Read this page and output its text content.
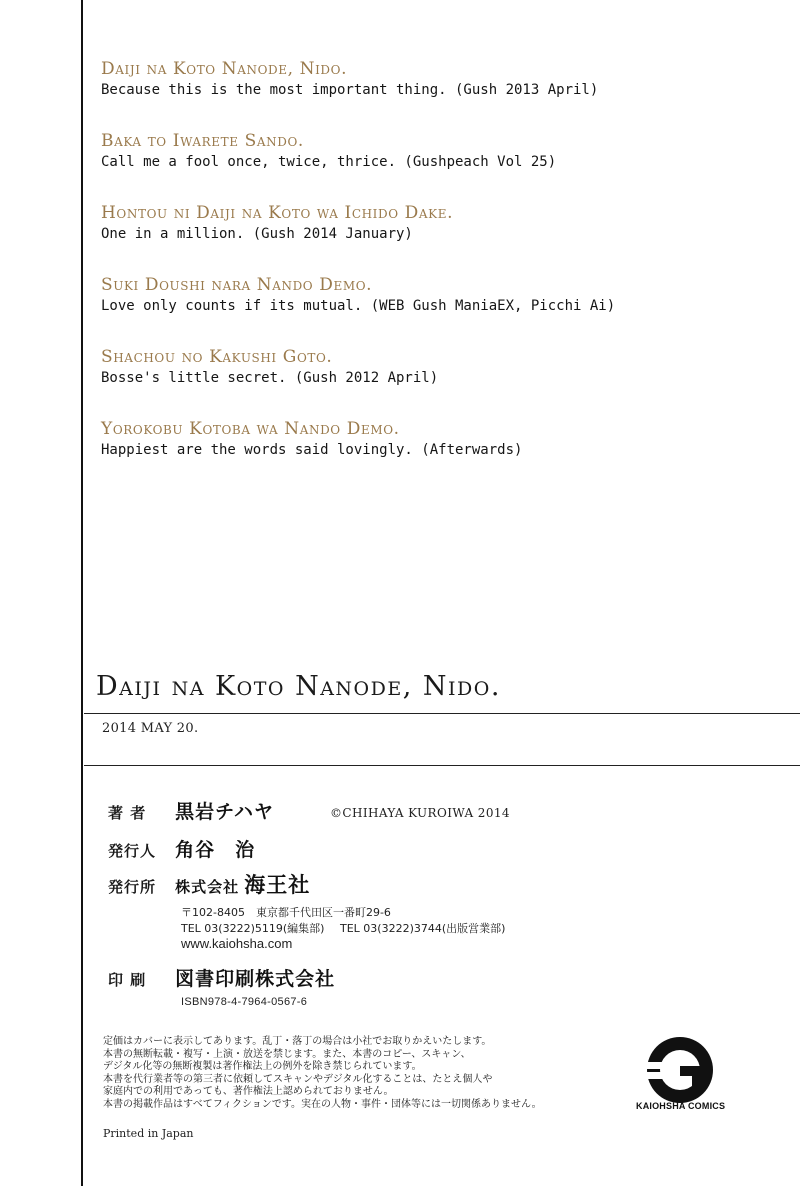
Daiji na Koto Nanode, Nido.
Because this is the most important thing. (Gush 2013 April)
Baka to Iwarete Sando.
Call me a fool once, twice, thrice. (Gushpeach Vol 25)
Hontou ni Daiji na Koto wa Ichido Dake.
One in a million. (Gush 2014 January)
Suki Doushi nara Nando Demo.
Love only counts if its mutual. (WEB Gush ManiaEX, Picchi Ai)
Shachou no Kakushi Goto.
Bosse's little secret. (Gush 2012 April)
Yorokobu Kotoba wa Nando Demo.
Happiest are the words said lovingly. (Afterwards)
Daiji na Koto Nanode, Nido.
2014 MAY 20.
著 者 黒岩チハヤ	©CHIHAYA KUROIWA 2014
発行人 角谷　治
発行所 株式会社 海王社
〒102-8405　東京都千代田区一番町29-6
TEL 03(3222)5119(編集部) TEL 03(3222)3744(出版営業部)
www.kaiohsha.com
印 刷 図書印刷株式会社
ISBN978-4-7964-0567-6
定価はカバーに表示してあります。乱丁・落丁の場合は小社でお取りかえいたします。
本書の無断転載・複写・上演・放送を禁じます。また、本書のコピー、スキャン、
デジタル化等の無断複製は著作権法上の例外を除き禁じられています。
本書を代行業者等の第三者に依頼してスキャンやデジタル化することは、たとえ個人や
家庭内での利用であっても、著作権法上認められておりません。
本書の掲載作品はすべてフィクションです。実在の人物・事件・団体等には一切関係ありません。	KAIOHSHA COMICS
Printed in Japan
